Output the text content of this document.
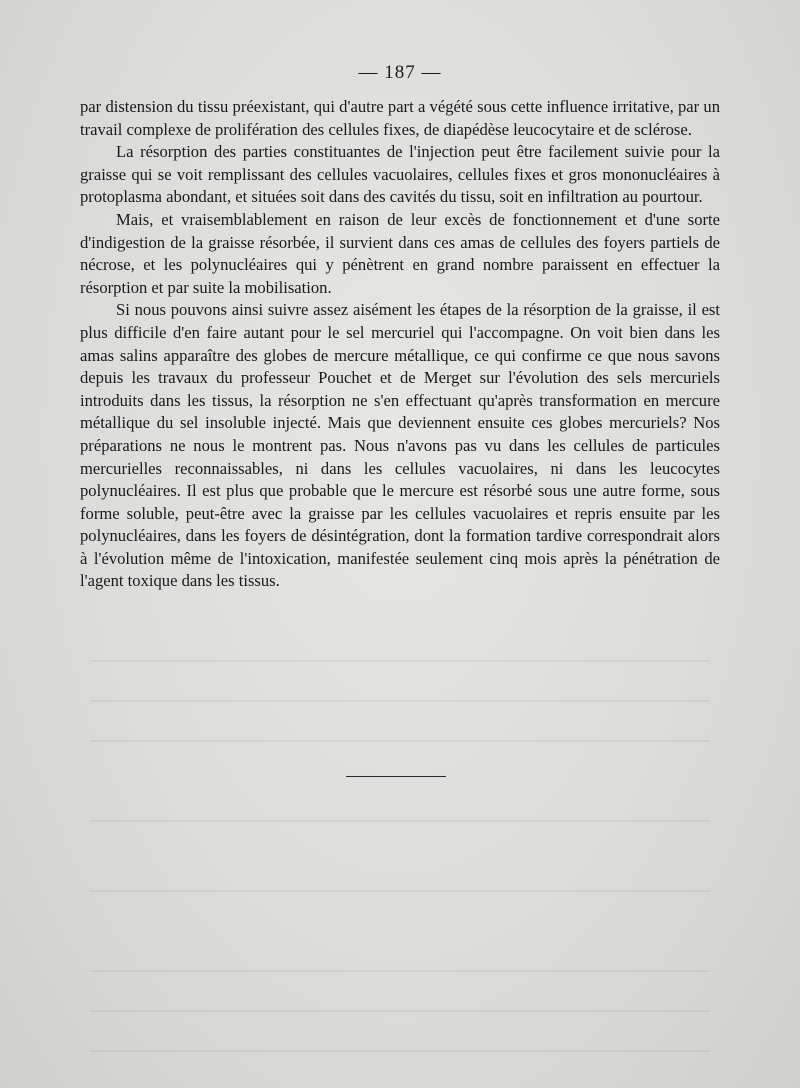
— 187 —

par distension du tissu préexistant, qui d'autre part a végété sous cette influence irritative, par un travail complexe de prolifération des cellules fixes, de diapédèse leucocytaire et de sclérose.

La résorption des parties constituantes de l'injection peut être facilement suivie pour la graisse qui se voit remplissant des cellules vacuolaires, cellules fixes et gros mononucléaires à protoplasma abondant, et situées soit dans des cavités du tissu, soit en infiltration au pourtour.

Mais, et vraisemblablement en raison de leur excès de fonctionnement et d'une sorte d'indigestion de la graisse résorbée, il survient dans ces amas de cellules des foyers partiels de nécrose, et les polynucléaires qui y pénètrent en grand nombre paraissent en effectuer la résorption et par suite la mobilisation.

Si nous pouvons ainsi suivre assez aisément les étapes de la résorption de la graisse, il est plus difficile d'en faire autant pour le sel mercuriel qui l'accompagne. On voit bien dans les amas salins apparaître des globes de mercure métallique, ce qui confirme ce que nous savons depuis les travaux du professeur Pouchet et de Merget sur l'évolution des sels mercuriels introduits dans les tissus, la résorption ne s'en effectuant qu'après transformation en mercure métallique du sel insoluble injecté. Mais que deviennent ensuite ces globes mercuriels? Nos préparations ne nous le montrent pas. Nous n'avons pas vu dans les cellules de particules mercurielles reconnaissables, ni dans les cellules vacuolaires, ni dans les leucocytes polynucléaires. Il est plus que probable que le mercure est résorbé sous une autre forme, sous forme soluble, peut-être avec la graisse par les cellules vacuolaires et repris ensuite par les polynucléaires, dans les foyers de désintégration, dont la formation tardive correspondrait alors à l'évolution même de l'intoxication, manifestée seulement cinq mois après la pénétration de l'agent toxique dans les tissus.
